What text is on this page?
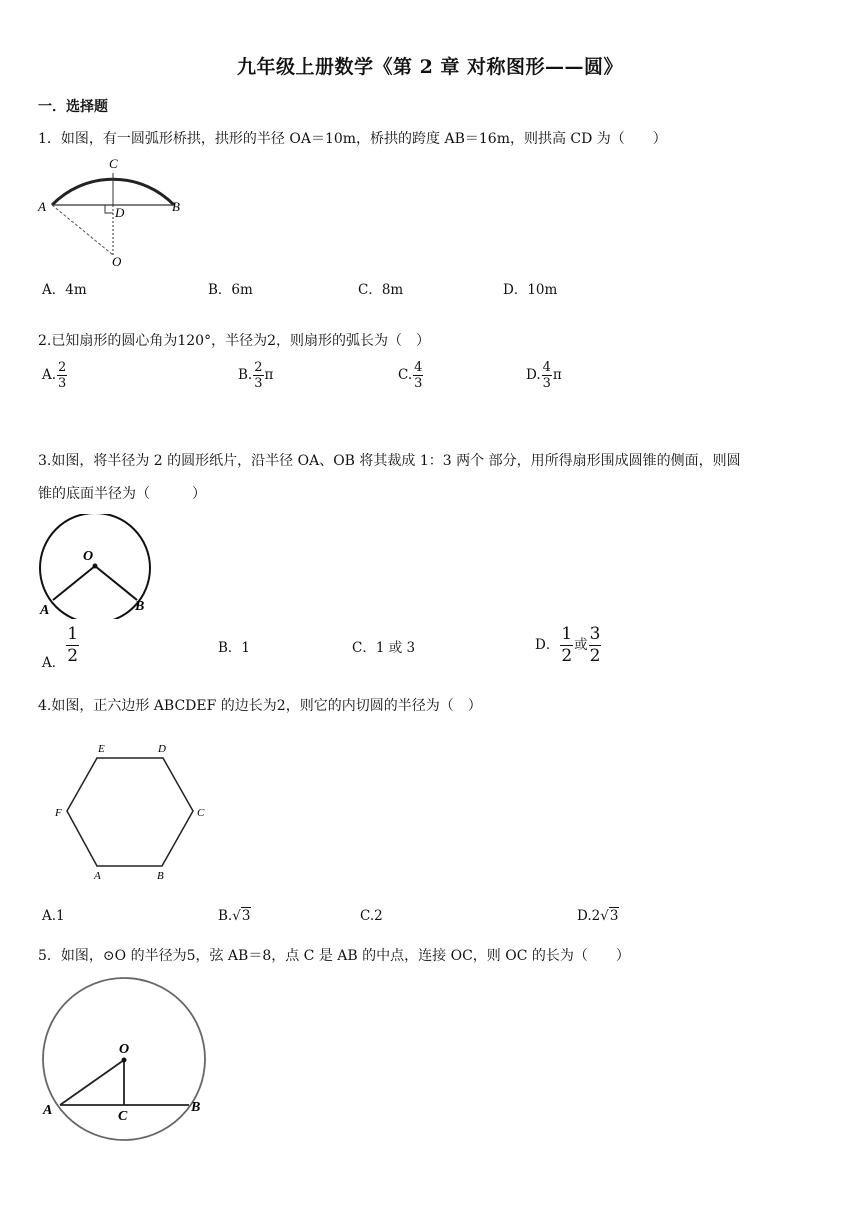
九年级上册数学《第 2 章 对称图形——圆》
一．选择题
1．如图，有一圆弧形桥拱，拱形的半径 OA＝10m，桥拱的跨度 AB＝16m，则拱高 CD 为（　　）
C
A	D	B
O
A．4m	B．6m	C．8m	D．10m
2.已知扇形的圆心角为120°，半径为2，则扇形的弧长为（　）
A. $\frac{2}{3}$	B. $\frac{2}{3}$ π	C. $\frac{4}{3}$	D. $\frac{4}{3}$ π
3.如图，将半径为 2 的圆形纸片，沿半径 OA、OB 将其裁成 1：3 两个 部分，用所得扇形围成圆锥的侧面，则圆
锥的底面半径为（　　　）
O
A	B
A． $\frac{1}{2}$	B．1	C．1 或 3	D． $\frac{1}{2}$ 或 $\frac{3}{2}$
4.如图，正六边形 ABCDEF 的边长为2，则它的内切圆的半径为（　）
E	D
F	C
A	B
A.1	B.√3	C.2	D.2√3
5．如图，⊙O 的半径为5，弦 AB＝8，点 C 是 AB 的中点，连接 OC，则 OC 的长为（　　）
O
A	C
B
